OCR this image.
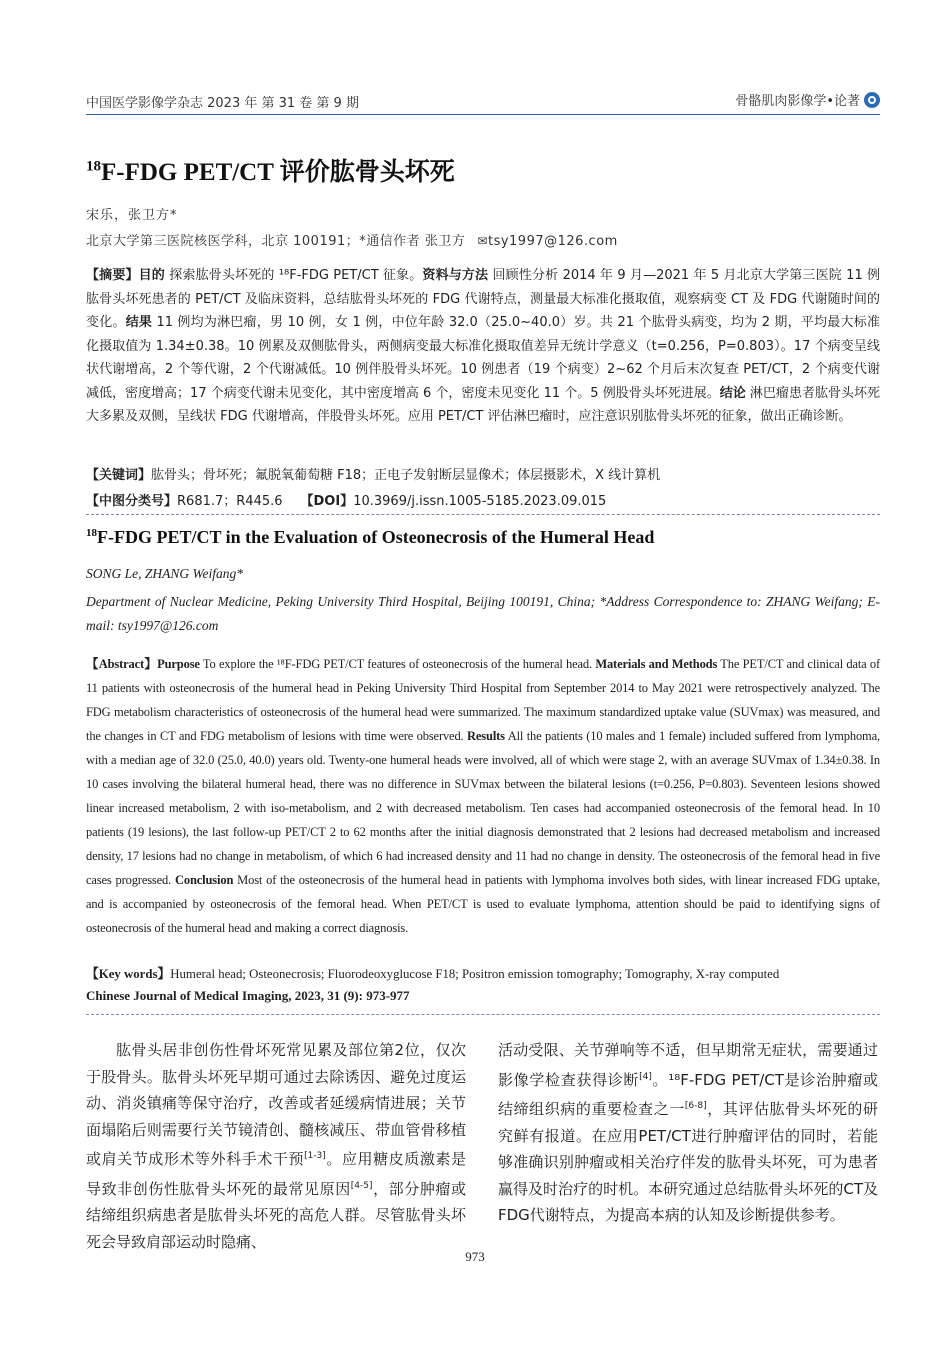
中国医学影像学杂志 2023 年 第 31 卷 第 9 期	骨骼肌肉影像学•论著
$^{18}$F-FDG PET/CT 评价肱骨头坏死
宋乐，张卫方*
北京大学第三医院核医学科，北京 100191；*通信作者 张卫方 ✉tsy1997@126.com

【摘要】目的 探索肱骨头坏死的 ¹⁸F-FDG PET/CT 征象。资料与方法 回顾性分析 2014 年 9 月—2021 年 5 月北京大学第三医院 11 例肱骨头坏死患者的 PET/CT 及临床资料，总结肱骨头坏死的 FDG 代谢特点，测量最大标准化摄取值，观察病变 CT 及 FDG 代谢随时间的变化。结果 11 例均为淋巴瘤，男 10 例，女 1 例，中位年龄 32.0（25.0~40.0）岁。共 21 个肱骨头病变，均为 2 期，平均最大标准化摄取值为 1.34±0.38。10 例累及双侧肱骨头，两侧病变最大标准化摄取值差异无统计学意义（t=0.256，P=0.803）。17 个病变呈线状代谢增高，2 个等代谢，2 个代谢减低。10 例伴股骨头坏死。10 例患者（19 个病变）2~62 个月后末次复查 PET/CT，2 个病变代谢减低，密度增高；17 个病变代谢未见变化，其中密度增高 6 个，密度未见变化 11 个。5 例股骨头坏死进展。结论 淋巴瘤患者肱骨头坏死大多累及双侧，呈线状 FDG 代谢增高，伴股骨头坏死。应用 PET/CT 评估淋巴瘤时，应注意识别肱骨头坏死的征象，做出正确诊断。

【关键词】肱骨头；骨坏死；氟脱氧葡萄糖 F18；正电子发射断层显像术；体层摄影术，X 线计算机
【中图分类号】R681.7；R445.6 【DOI】10.3969/j.issn.1005-5185.2023.09.015
$^{18}$F-FDG PET/CT in the Evaluation of Osteonecrosis of the Humeral Head
SONG Le, ZHANG Weifang*
Department of Nuclear Medicine, Peking University Third Hospital, Beijing 100191, China; *Address Correspondence to: ZHANG Weifang; E-mail: tsy1997@126.com

【Abstract】Purpose To explore the ¹⁸F-FDG PET/CT features of osteonecrosis of the humeral head. Materials and Methods The PET/CT and clinical data of 11 patients with osteonecrosis of the humeral head in Peking University Third Hospital from September 2014 to May 2021 were retrospectively analyzed. The FDG metabolism characteristics of osteonecrosis of the humeral head were summarized. The maximum standardized uptake value (SUVmax) was measured, and the changes in CT and FDG metabolism of lesions with time were observed. Results All the patients (10 males and 1 female) included suffered from lymphoma, with a median age of 32.0 (25.0, 40.0) years old. Twenty-one humeral heads were involved, all of which were stage 2, with an average SUVmax of 1.34±0.38. In 10 cases involving the bilateral humeral head, there was no difference in SUVmax between the bilateral lesions (t=0.256, P=0.803). Seventeen lesions showed linear increased metabolism, 2 with iso-metabolism, and 2 with decreased metabolism. Ten cases had accompanied osteonecrosis of the femoral head. In 10 patients (19 lesions), the last follow-up PET/CT 2 to 62 months after the initial diagnosis demonstrated that 2 lesions had decreased metabolism and increased density, 17 lesions had no change in metabolism, of which 6 had increased density and 11 had no change in density. The osteonecrosis of the femoral head in five cases progressed. Conclusion Most of the osteonecrosis of the humeral head in patients with lymphoma involves both sides, with linear increased FDG uptake, and is accompanied by osteonecrosis of the femoral head. When PET/CT is used to evaluate lymphoma, attention should be paid to identifying signs of osteonecrosis of the humeral head and making a correct diagnosis.

【Key words】Humeral head; Osteonecrosis; Fluorodeoxyglucose F18; Positron emission tomography; Tomography, X-ray computed
Chinese Journal of Medical Imaging, 2023, 31 (9): 973-977

肱骨头居非创伤性骨坏死常见累及部位第2位，仅次于股骨头。肱骨头坏死早期可通过去除诱因、避免过度运动、消炎镇痛等保守治疗，改善或者延缓病情进展；关节面塌陷后则需要行关节镜清创、髓核减压、带血管骨移植或肩关节成形术等外科手术干预[1-3]。应用糖皮质激素是导致非创伤性肱骨头坏死的最常见原因[4-5]，部分肿瘤或结缔组织病患者是肱骨头坏死的高危人群。尽管肱骨头坏死会导致肩部运动时隐痛、

活动受限、关节弹响等不适，但早期常无症状，需要通过影像学检查获得诊断[4]。¹⁸F-FDG PET/CT是诊治肿瘤或结缔组织病的重要检查之一[6-8]，其评估肱骨头坏死的研究鲜有报道。在应用PET/CT进行肿瘤评估的同时，若能够准确识别肿瘤或相关治疗伴发的肱骨头坏死，可为患者赢得及时治疗的时机。本研究通过总结肱骨头坏死的CT及FDG代谢特点，为提高本病的认知及诊断提供参考。

973
